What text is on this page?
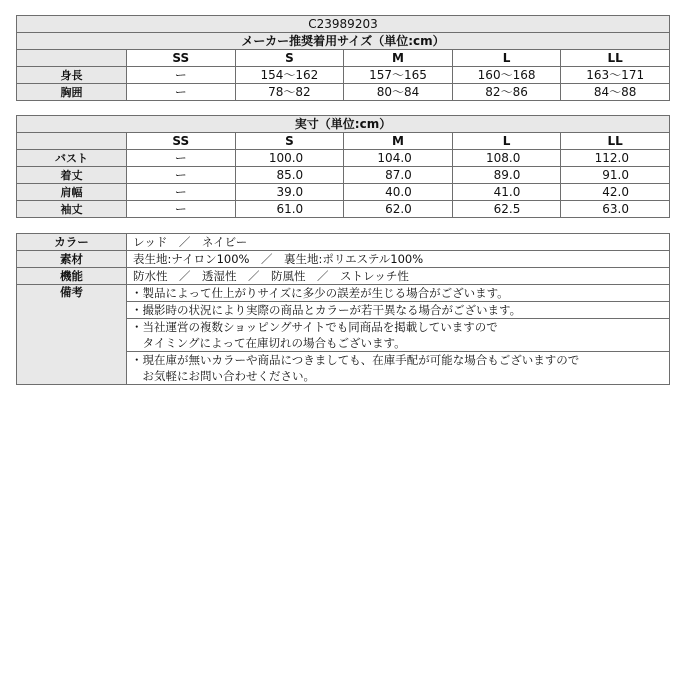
C23989203					
メーカー推奨着用サイズ（単位:cm）					
	SS	S	M	L	LL
身長	ー	154〜162	157〜165	160〜168	163〜171
胸囲	ー	78〜82	80〜84	82〜86	84〜88
実寸（単位:cm）					
	SS	S	M	L	LL
バスト	ー	100.0	104.0	108.0	112.0
着丈	ー	85.0	87.0	89.0	91.0
肩幅	ー	39.0	40.0	41.0	42.0
袖丈	ー	61.0	62.0	62.5	63.0
カラー	レッド　／　ネイビー
素材	表生地:ナイロン100%　／　裏生地:ポリエステル100%
機能	防水性　／　透湿性　／　防風性　／　ストレッチ性
備考	・製品によって仕上がりサイズに多少の誤差が生じる場合がございます。

	・撮影時の状況により実際の商品とカラーが若干異なる場合がございます。

	・当社運営の複数ショッピングサイトでも同商品を掲載していますので
　タイミングによって在庫切れの場合もございます。

	・現在庫が無いカラーや商品につきましても、在庫手配が可能な場合もございますので
　お気軽にお問い合わせください。
